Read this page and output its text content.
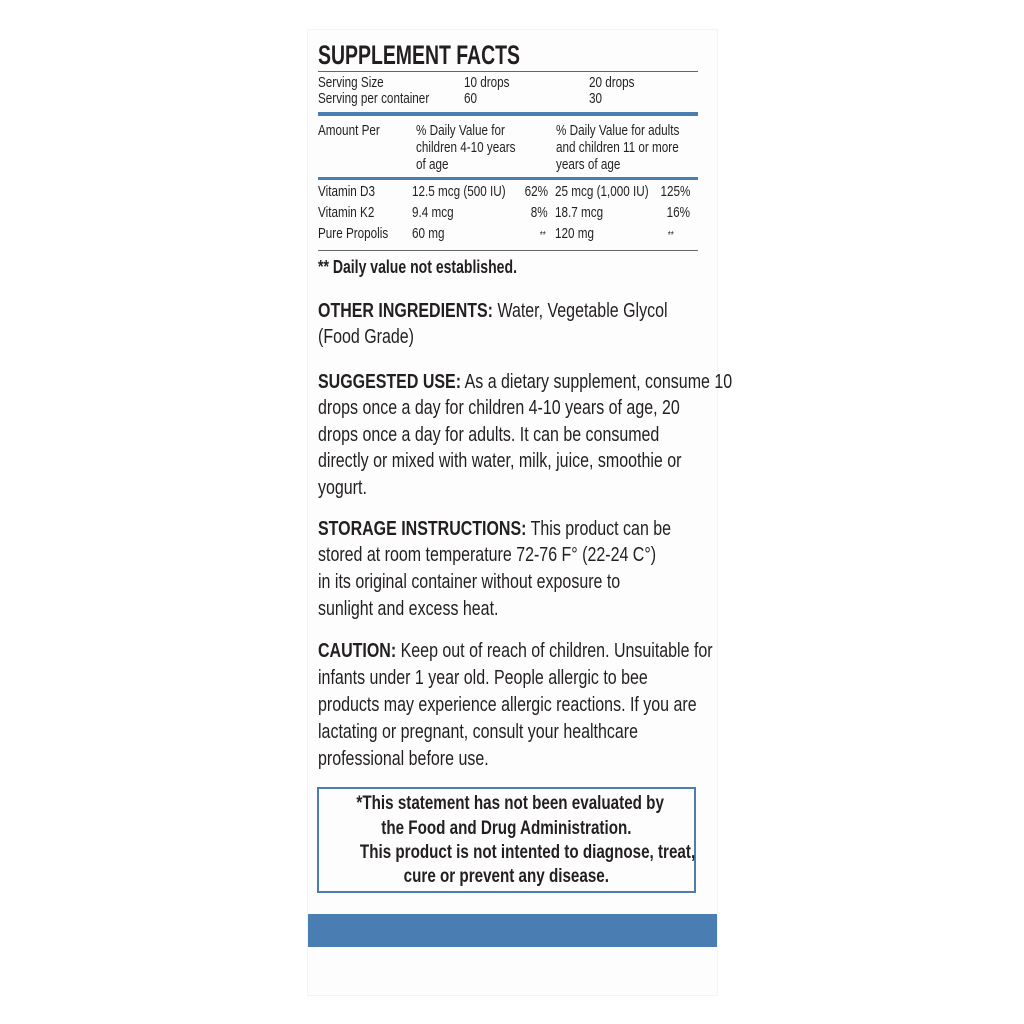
SUPPLEMENT FACTS
Serving Size	10 drops	20 drops
Serving per container 60	30
Amount Per % Daily Value for
children 4-10 years
of age
% Daily Value for adults
and children 11 or more
years of age
Vitamin D3 12.5 mcg (500 IU) 62% 25 mcg (1,000 IU) 125%
Vitamin K2	9.4 mcg	8% 18.7 mcg	16%
Pure Propolis 60 mg	** 120 mg	**
** Daily value not established.
OTHER INGREDIENTS: Water, Vegetable Glycol
(Food Grade)
SUGGESTED USE: As a dietary supplement, consume 10
drops once a day for children 4-10 years of age, 20
drops once a day for adults. It can be consumed
directly or mixed with water, milk, juice, smoothie or
yogurt.
STORAGE INSTRUCTIONS: This product can be
stored at room temperature 72-76 F° (22-24 C°)
in its original container without exposure to
sunlight and excess heat.
CAUTION: Keep out of reach of children. Unsuitable for
infants under 1 year old. People allergic to bee
products may experience allergic reactions. If you are
lactating or pregnant, consult your healthcare
professional before use.
*This statement has not been evaluated by
the Food and Drug Administration.
This product is not intented to diagnose, treat,
cure or prevent any disease.
